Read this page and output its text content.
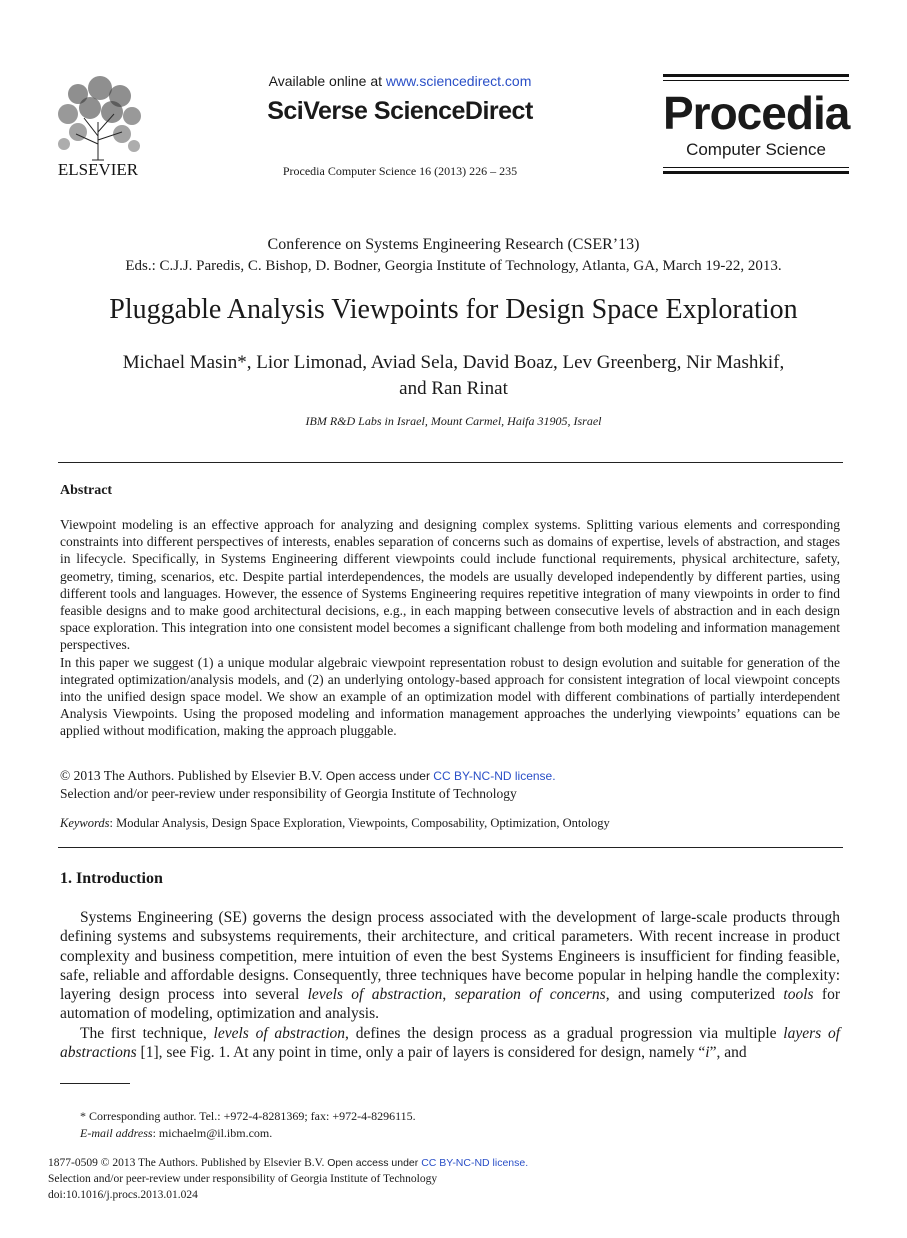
ELSEVIER
Available online at www.sciencedirect.com
SciVerse ScienceDirect
Procedia Computer Science 16 (2013) 226 – 235
Procedia
Computer Science
Conference on Systems Engineering Research (CSER’13)
Eds.: C.J.J. Paredis, C. Bishop, D. Bodner, Georgia Institute of Technology, Atlanta, GA, March 19-22, 2013.
Pluggable Analysis Viewpoints for Design Space Exploration
Michael Masin*, Lior Limonad, Aviad Sela, David Boaz, Lev Greenberg, Nir Mashkif,
and Ran Rinat
IBM R&D Labs in Israel, Mount Carmel, Haifa 31905, Israel
Abstract

Viewpoint modeling is an effective approach for analyzing and designing complex systems. Splitting various elements and corresponding constraints into different perspectives of interests, enables separation of concerns such as domains of expertise, levels of abstraction, and stages in lifecycle. Specifically, in Systems Engineering different viewpoints could include functional requirements, physical architecture, safety, geometry, timing, scenarios, etc. Despite partial interdependences, the models are usually developed independently by different parties, using different tools and languages. However, the essence of Systems Engineering requires repetitive integration of many viewpoints in order to find feasible designs and to make good architectural decisions, e.g., in each mapping between consecutive levels of abstraction and in each design space exploration. This integration into one consistent model becomes a significant challenge from both modeling and information management perspectives.

In this paper we suggest (1) a unique modular algebraic viewpoint representation robust to design evolution and suitable for generation of the integrated optimization/analysis models, and (2) an underlying ontology-based approach for consistent integration of local viewpoint concepts into the unified design space model. We show an example of an optimization model with different combinations of partially interdependent Analysis Viewpoints. Using the proposed modeling and information management approaches the underlying viewpoints’ equations can be applied without modification, making the approach pluggable.

© 2013 The Authors. Published by Elsevier B.V. Open access under CC BY-NC-ND license.
Selection and/or peer-review under responsibility of Georgia Institute of Technology
Keywords: Modular Analysis, Design Space Exploration, Viewpoints, Composability, Optimization, Ontology
1. Introduction

Systems Engineering (SE) governs the design process associated with the development of large-scale products through defining systems and subsystems requirements, their architecture, and critical parameters. With recent increase in product complexity and business competition, mere intuition of even the best Systems Engineers is insufficient for finding feasible, safe, reliable and affordable designs. Consequently, three techniques have become popular in helping handle the complexity: layering design process into several levels of abstraction, separation of concerns, and using computerized tools for automation of modeling, optimization and analysis.

The first technique, levels of abstraction, defines the design process as a gradual progression via multiple layers of abstractions [1], see Fig. 1. At any point in time, only a pair of layers is considered for design, namely “i”, and

* Corresponding author. Tel.: +972-4-8281369; fax: +972-4-8296115.
E-mail address: michaelm@il.ibm.com.
1877-0509 © 2013 The Authors. Published by Elsevier B.V. Open access under CC BY-NC-ND license.
Selection and/or peer-review under responsibility of Georgia Institute of Technology
doi:10.1016/j.procs.2013.01.024
